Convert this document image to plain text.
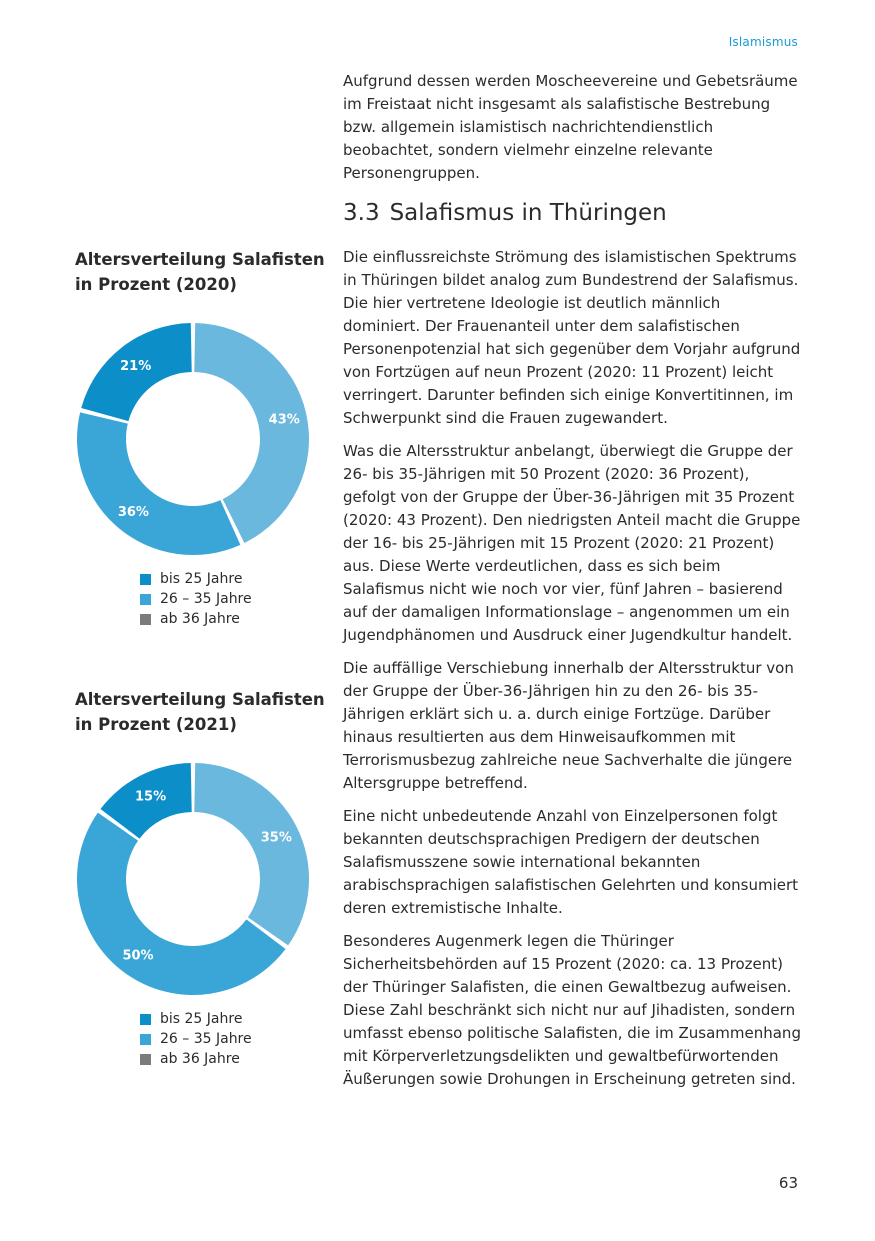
Islamismus

Aufgrund dessen werden Moscheevereine und Gebetsräume im Freistaat nicht insgesamt als salafistische Bestrebung bzw. allgemein islamistisch nachrichtendienstlich beobachtet, sondern vielmehr einzelne relevante Personengruppen.

3.3 Salafismus in Thüringen

Die einflussreichste Strömung des islamistischen Spektrums in Thüringen bildet analog zum Bundestrend der Salafismus. Die hier vertretene Ideologie ist deutlich männlich dominiert. Der Frauenanteil unter dem salafistischen Personenpotenzial hat sich gegenüber dem Vorjahr aufgrund von Fortzügen auf neun Prozent (2020: 11 Prozent) leicht verringert. Darunter befinden sich einige Konvertitinnen, im Schwerpunkt sind die Frauen zugewandert.

Was die Altersstruktur anbelangt, überwiegt die Gruppe der 26- bis 35-Jährigen mit 50 Prozent (2020: 36 Prozent), gefolgt von der Gruppe der Über-36-Jährigen mit 35 Prozent (2020: 43 Prozent). Den niedrigsten Anteil macht die Gruppe der 16- bis 25-Jährigen mit 15 Prozent (2020: 21 Prozent) aus. Diese Werte verdeutlichen, dass es sich beim Salafismus nicht wie noch vor vier, fünf Jahren – basierend auf der damaligen Informationslage – angenommen um ein Jugendphänomen und Ausdruck einer Jugendkultur handelt.

Die auffällige Verschiebung innerhalb der Altersstruktur von der Gruppe der Über-36-Jährigen hin zu den 26- bis 35-Jährigen erklärt sich u. a. durch einige Fortzüge. Darüber hinaus resultierten aus dem Hinweisaufkommen mit Terrorismusbezug zahlreiche neue Sachverhalte die jüngere Altersgruppe betreffend.

Eine nicht unbedeutende Anzahl von Einzelpersonen folgt bekannten deutschsprachigen Predigern der deutschen Salafismusszene sowie international bekannten arabischsprachigen salafistischen Gelehrten und konsumiert deren extremistische Inhalte.

Besonderes Augenmerk legen die Thüringer Sicherheitsbehörden auf 15 Prozent (2020: ca. 13 Prozent) der Thüringer Salafisten, die einen Gewaltbezug aufweisen. Diese Zahl beschränkt sich nicht nur auf Jihadisten, sondern umfasst ebenso politische Salafisten, die im Zusammenhang mit Körperverletzungsdelikten und gewaltbefürwortenden Äußerungen sowie Drohungen in Erscheinung getreten sind.

Altersverteilung Salafisten

in Prozent (2020)

43%
36%
21%
bis 25 Jahre
26 – 35 Jahre
ab 36 Jahre

Altersverteilung Salafisten

in Prozent (2021)

35%
50%
15%
bis 25 Jahre
26 – 35 Jahre
ab 36 Jahre
63
